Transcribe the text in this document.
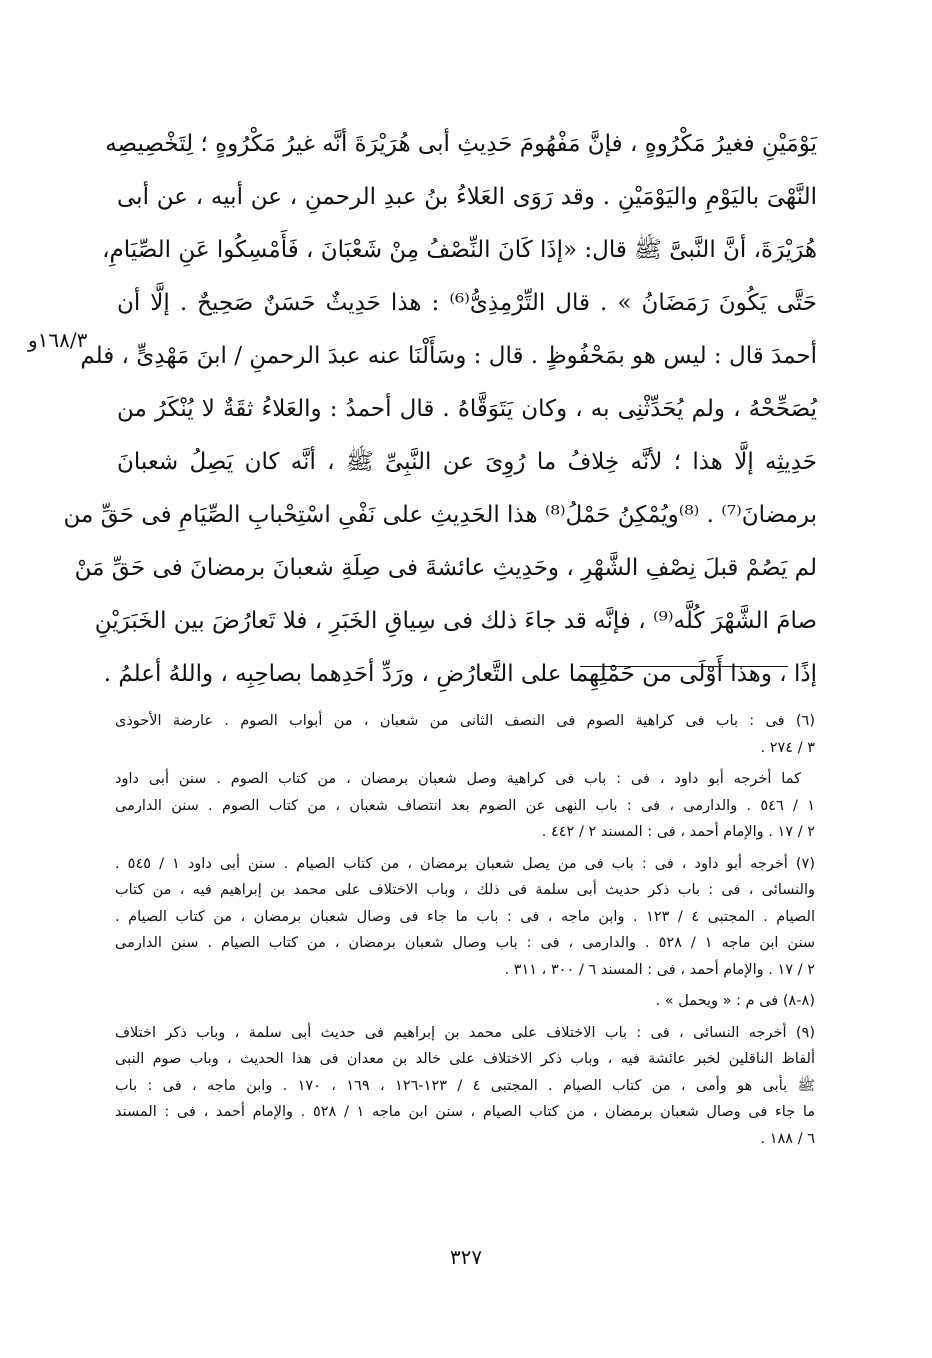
يَوْمَيْنِ فغيرُ مَكْرُوهٍ ، فإنَّ مَفْهُومَ حَدِيثِ أبى هُرَيْرَةَ أنَّه غيرُ مَكْرُوهٍ ؛ لِتَخْصِيصِه
النَّهْىَ باليَوْمِ واليَوْمَيْنِ . وقد رَوَى العَلاءُ بنُ عبدِ الرحمنِ ، عن أبيه ، عن أبى
هُرَيْرَةَ، أنَّ النَّبىَّ ﷺ قال: «إذَا كَانَ النِّصْفُ مِنْ شَعْبَانَ ، فَأَمْسِكُوا عَنِ الصِّيَامِ،
حَتَّى يَكُونَ رَمَضَانُ » . قال التِّرْمِذِىُّ⁽⁶⁾ : هذا حَدِيثٌ حَسَنٌ صَحِيحٌ . إلَّا أن
أحمدَ قال : ليس هو بمَحْفُوظٍ . قال : وسَأَلْنَا عنه عبدَ الرحمنِ / ابنَ مَهْدِىٍّ ، فلم
يُصَحِّحْهُ ، ولم يُحَدِّثْنِى به ، وكان يَتَوَقَّاهُ . قال أحمدُ : والعَلاءُ ثقَةٌ لا يُنْكَرُ من
حَدِيثِه إلَّا هذا ؛ لأنَّه خِلافُ ما رُوِىَ عن النَّبِىِّ ﷺ ، أنَّه كان يَصِلُ شعبانَ
برمضانَ⁽⁷⁾ . ⁽⁸⁾ويُمْكِنُ حَمْلُ⁽⁸⁾ هذا الحَدِيثِ على نَفْىِ اسْتِحْبابِ الصِّيَامِ فى حَقِّ من
لم يَصُمْ قبلَ نِصْفِ الشَّهْرِ ، وحَدِيثِ عائشةَ فى صِلَةِ شعبانَ برمضانَ فى حَقِّ مَنْ
صامَ الشَّهْرَ كُلَّه⁽⁹⁾ ، فإنَّه قد جاءَ ذلك فى سِياقِ الخَبَرِ ، فلا تَعارُضَ بين الخَبَرَيْنِ
إذًا ، وهذا أَوْلَى من حَمْلِهِما على التَّعارُضِ ، ورَدِّ أحَدِهما بصاحِبِه ، واللهُ أعلمُ .
١٦٨/٣و
(٦) فى : باب فى كراهية الصوم فى النصف الثانى من شعبان ، من أبواب الصوم . عارضة الأحوذى
٣ / ٢٧٤ .
كما أخرجه أبو داود ، فى : باب فى كراهية وصل شعبان برمضان ، من كتاب الصوم . سنن أبى داود
١ / ٥٤٦ . والدارمى ، فى : باب النهى عن الصوم بعد انتصاف شعبان ، من كتاب الصوم . سنن الدارمى
٢ / ١٧ . والإمام أحمد ، فى : المسند ٢ / ٤٤٢ .
(٧) أخرجه أبو داود ، فى : باب فى من يصل شعبان برمضان ، من كتاب الصيام . سنن أبى داود ١ / ٥٤٥ .
والنسائى ، فى : باب ذكر حديث أبى سلمة فى ذلك ، وباب الاختلاف على محمد بن إبراهيم فيه ، من كتاب
الصيام . المجتبى ٤ / ١٢٣ . وابن ماجه ، فى : باب ما جاء فى وصال شعبان برمضان ، من كتاب الصيام .
سنن ابن ماجه ١ / ٥٢٨ . والدارمى ، فى : باب وصال شعبان برمضان ، من كتاب الصيام . سنن الدارمى
٢ / ١٧ . والإمام أحمد ، فى : المسند ٦ / ٣٠٠ ، ٣١١ .
(٨-٨) فى م : « ويحمل » .
(٩) أخرجه النسائى ، فى : باب الاختلاف على محمد بن إبراهيم فى حديث أبى سلمة ، وباب ذكر اختلاف
ألفاظ الناقلين لخبر عائشة فيه ، وباب ذكر الاختلاف على خالد بن معدان فى هذا الحديث ، وباب صوم النبى
ﷺ بأبى هو وأمى ، من كتاب الصيام . المجتبى ٤ / ١٢٣-١٢٦ ، ١٦٩ ، ١٧٠ . وابن ماجه ، فى : باب
ما جاء فى وصال شعبان برمضان ، من كتاب الصيام ، سنن ابن ماجه ١ / ٥٢٨ . والإمام أحمد ، فى : المسند
٦ / ١٨٨ .
٣٢٧
